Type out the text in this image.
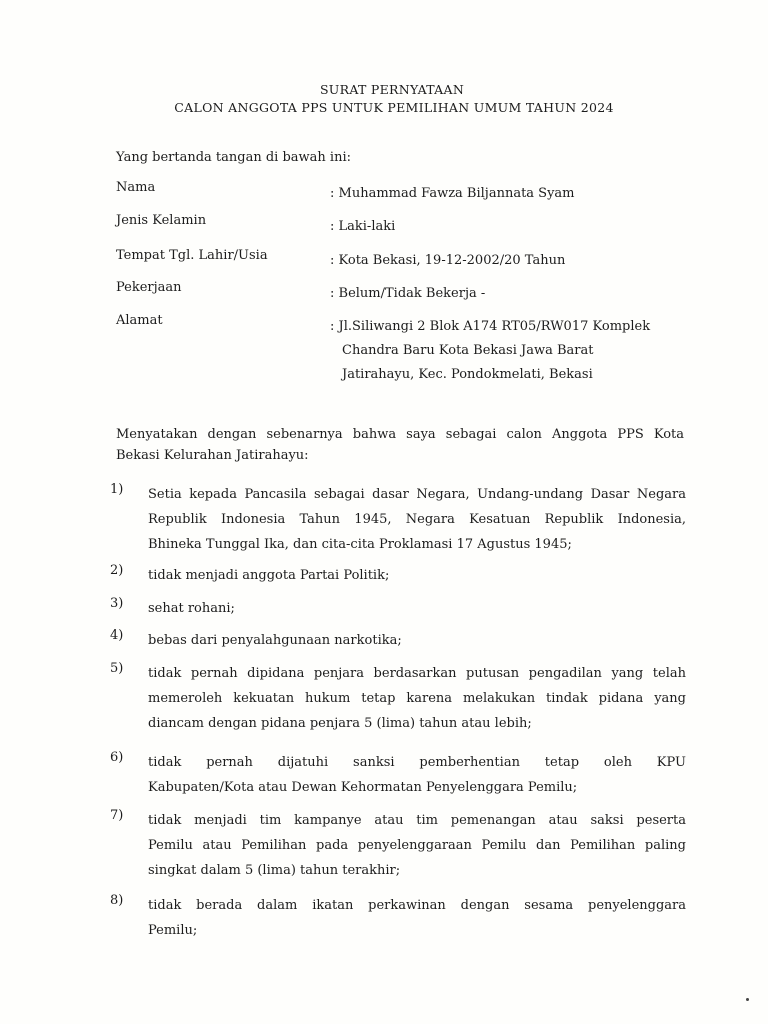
SURAT PERNYATAAN
CALON ANGGOTA PPS UNTUK PEMILIHAN UMUM TAHUN 2024
Yang bertanda tangan di bawah ini:
Nama	: Muhammad Fawza Biljannata Syam
Jenis Kelamin	: Laki-laki
Tempat Tgl. Lahir/Usia	: Kota Bekasi, 19-12-2002/20 Tahun
Pekerjaan	: Belum/Tidak Bekerja -
Alamat	: Jl.Siliwangi 2 Blok A174 RT05/RW017 Komplek
Chandra Baru Kota Bekasi Jawa Barat
Jatirahayu, Kec. Pondokmelati, Bekasi
Menyatakan dengan sebenarnya bahwa saya sebagai calon Anggota PPS Kota
Bekasi Kelurahan Jatirahayu:
1)	Setia kepada Pancasila sebagai dasar Negara, Undang-undang Dasar Negara
Republik Indonesia Tahun 1945, Negara Kesatuan Republik Indonesia,
Bhineka Tunggal Ika, dan cita-cita Proklamasi 17 Agustus 1945;
2)	tidak menjadi anggota Partai Politik;
3)	sehat rohani;
4)	bebas dari penyalahgunaan narkotika;
5)	tidak pernah dipidana penjara berdasarkan putusan pengadilan yang telah
memeroleh kekuatan hukum tetap karena melakukan tindak pidana yang
diancam dengan pidana penjara 5 (lima) tahun atau lebih;
6)	tidak pernah dijatuhi sanksi pemberhentian tetap oleh KPU
Kabupaten/Kota atau Dewan Kehormatan Penyelenggara Pemilu;
7)	tidak menjadi tim kampanye atau tim pemenangan atau saksi peserta
Pemilu atau Pemilihan pada penyelenggaraan Pemilu dan Pemilihan paling
singkat dalam 5 (lima) tahun terakhir;
8)	tidak berada dalam ikatan perkawinan dengan sesama penyelenggara
Pemilu;
